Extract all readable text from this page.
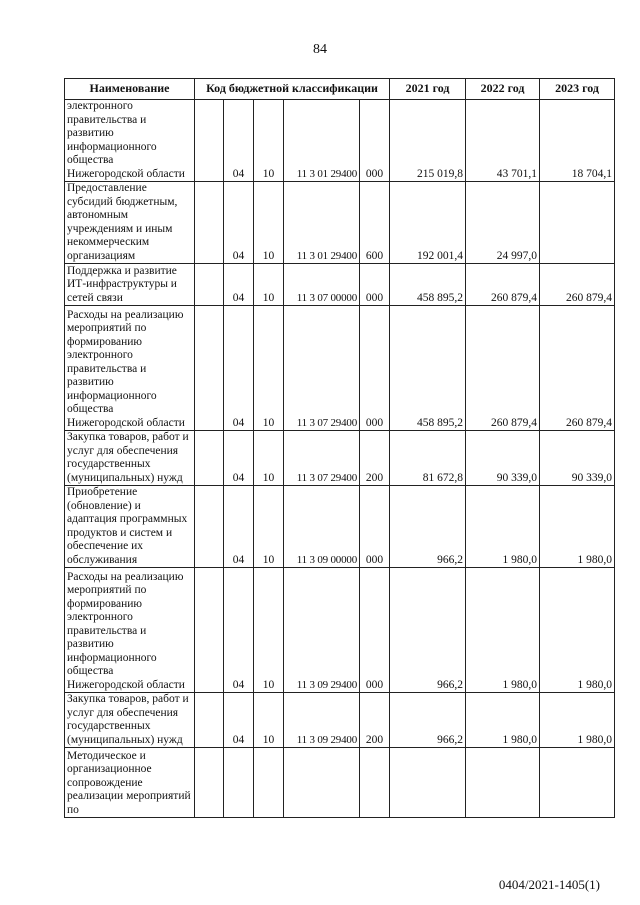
84
Наименование	Код бюджетной классификации					2021 год	2022 год	2023 год
электронного правительства и развитию информационного общества Нижегородской области		04	10	11 3 01 29400	000	215 019,8	43 701,1	18 704,1
Предоставление субсидий бюджетным, автономным учреждениям и иным некоммерческим организациям		04	10	11 3 01 29400	600	192 001,4	24 997,0	
Поддержка и развитие ИТ-инфраструктуры и сетей связи		04	10	11 3 07 00000	000	458 895,2	260 879,4	260 879,4
Расходы на реализацию мероприятий по формированию электронного правительства и развитию информационного общества Нижегородской области		04	10	11 3 07 29400	000	458 895,2	260 879,4	260 879,4
Закупка товаров, работ и услуг для обеспечения государственных (муниципальных) нужд		04	10	11 3 07 29400	200	81 672,8	90 339,0	90 339,0
Приобретение (обновление) и адаптация программных продуктов и систем и обеспечение их обслуживания		04	10	11 3 09 00000	000	966,2	1 980,0	1 980,0
Расходы на реализацию мероприятий по формированию электронного правительства и развитию информационного общества Нижегородской области		04	10	11 3 09 29400	000	966,2	1 980,0	1 980,0
Закупка товаров, работ и услуг для обеспечения государственных (муниципальных) нужд		04	10	11 3 09 29400	200	966,2	1 980,0	1 980,0
Методическое и организационное сопровождение реализации мероприятий по								
0404/2021-1405(1)
